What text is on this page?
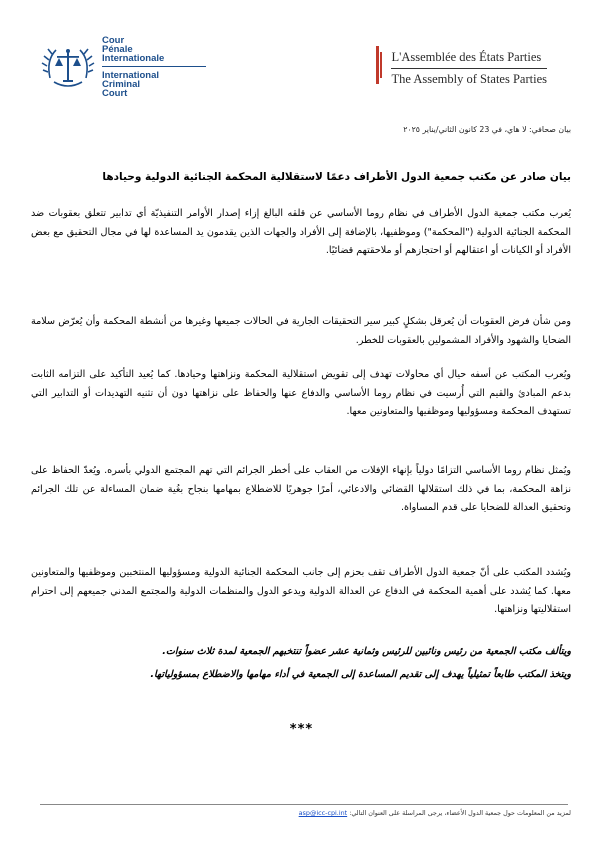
Cour
Pénale
Internationale
International
Criminal
Court
L'Assemblée des États Parties
The Assembly of States Parties
بيان صحافي: لا هاي، في 23 كانون الثاني/يناير ٢٠٢٥
بيان صادر عن مكتب جمعية الدول الأطراف دعمًا لاستقلالية المحكمة الجنائية الدولية وحيادها
يُعرب مكتب جمعية الدول الأطراف في نظام روما الأساسي عن قلقه البالغ إزاء إصدار الأوامر التنفيذيّة أي تدابير تتعلق بعقوبات ضد المحكمة الجنائية الدولية ("المحكمة") وموظفيها، بالإضافة إلى الأفراد والجهات الذين يقدمون يد المساعدة لها في مجال التحقيق مع بعض الأفراد أو الكيانات أو اعتقالهم أو احتجازهم أو ملاحقتهم قضائيًا.
ومن شأن فرض العقوبات أن يُعرقل بشكلٍ كبير سير التحقيقات الجارية في الحالات جميعها وغيرها من أنشطة المحكمة وأن يُعرّض سلامة الضحايا والشهود والأفراد المشمولين بالعقوبات للخطر.
ويُعرب المكتب عن أسفه حيال أي محاولات تهدف إلى تقويض استقلالية المحكمة ونزاهتها وحيادها. كما يُعيد التأكيد على التزامه الثابت بدعم المبادئ والقيم التي أُرسيت في نظام روما الأساسي والدفاع عنها والحفاظ على نزاهتها دون أن تثنيه التهديدات أو التدابير التي تستهدف المحكمة ومسؤوليها وموظفيها والمتعاونين معها.
ويُمثل نظام روما الأساسي التزامًا دولياً بإنهاء الإفلات من العقاب على أخطر الجرائم التي تهم المجتمع الدولي بأسره. ويُعدّ الحفاظ على نزاهة المحكمة، بما في ذلك استقلالها القضائي والادعائي، أمرًا جوهريًا للاضطلاع بمهامها بنجاح بغُية ضمان المساءلة عن تلك الجرائم وتحقيق العدالة للضحايا على قدم المساواة.
ويُشدد المكتب على أنّ جمعية الدول الأطراف تقف بحزم إلى جانب المحكمة الجنائية الدولية ومسؤوليها المنتخبين وموظفيها والمتعاونين معها. كما يُشدد على أهمية المحكمة في الدفاع عن العدالة الدولية ويدعو الدول والمنظمات الدولية والمجتمع المدني جميعهم إلى احترام استقلاليتها ونزاهتها.
ويتألف مكتب الجمعية من رئيس ونائبين للرئيس وثمانية عشر عضواً تنتخبهم الجمعية لمدة ثلاث سنوات.
ويتخذ المكتب طابعاً تمثيلياً يهدف إلى تقديم المساعدة إلى الجمعية في أداء مهامها والاضطلاع بمسؤولياتها.
***
لمزيد من المعلومات حول جمعية الدول الأعضاء، يرجى المراسلة على العنوان التالي: asp@icc-cpi.int
